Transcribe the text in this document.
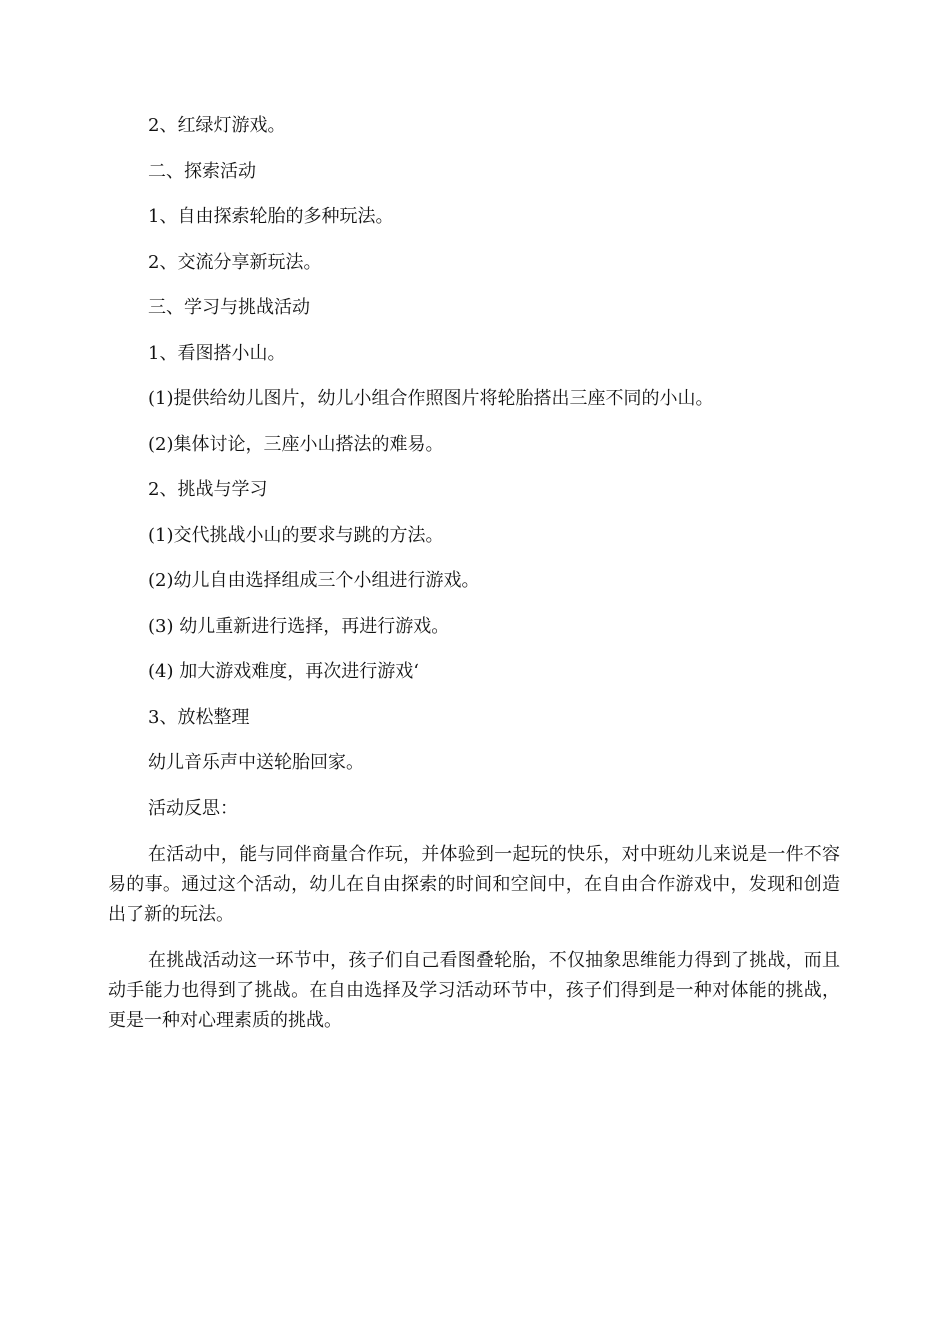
2、红绿灯游戏。
二、探索活动
1、自由探索轮胎的多种玩法。
2、交流分享新玩法。
三、学习与挑战活动
1、看图搭小山。
(1)提供给幼儿图片，幼儿小组合作照图片将轮胎搭出三座不同的小山。
(2)集体讨论，三座小山搭法的难易。
2、挑战与学习
(1)交代挑战小山的要求与跳的方法。
(2)幼儿自由选择组成三个小组进行游戏。
(3) 幼儿重新进行选择，再进行游戏。
(4) 加大游戏难度，再次进行游戏‘
3、放松整理
幼儿音乐声中送轮胎回家。
活动反思：

在活动中，能与同伴商量合作玩，并体验到一起玩的快乐，对中班幼儿来说是一件不容易的事。通过这个活动，幼儿在自由探索的时间和空间中，在自由合作游戏中，发现和创造出了新的玩法。

在挑战活动这一环节中，孩子们自己看图叠轮胎，不仅抽象思维能力得到了挑战，而且动手能力也得到了挑战。在自由选择及学习活动环节中，孩子们得到是一种对体能的挑战，更是一种对心理素质的挑战。
